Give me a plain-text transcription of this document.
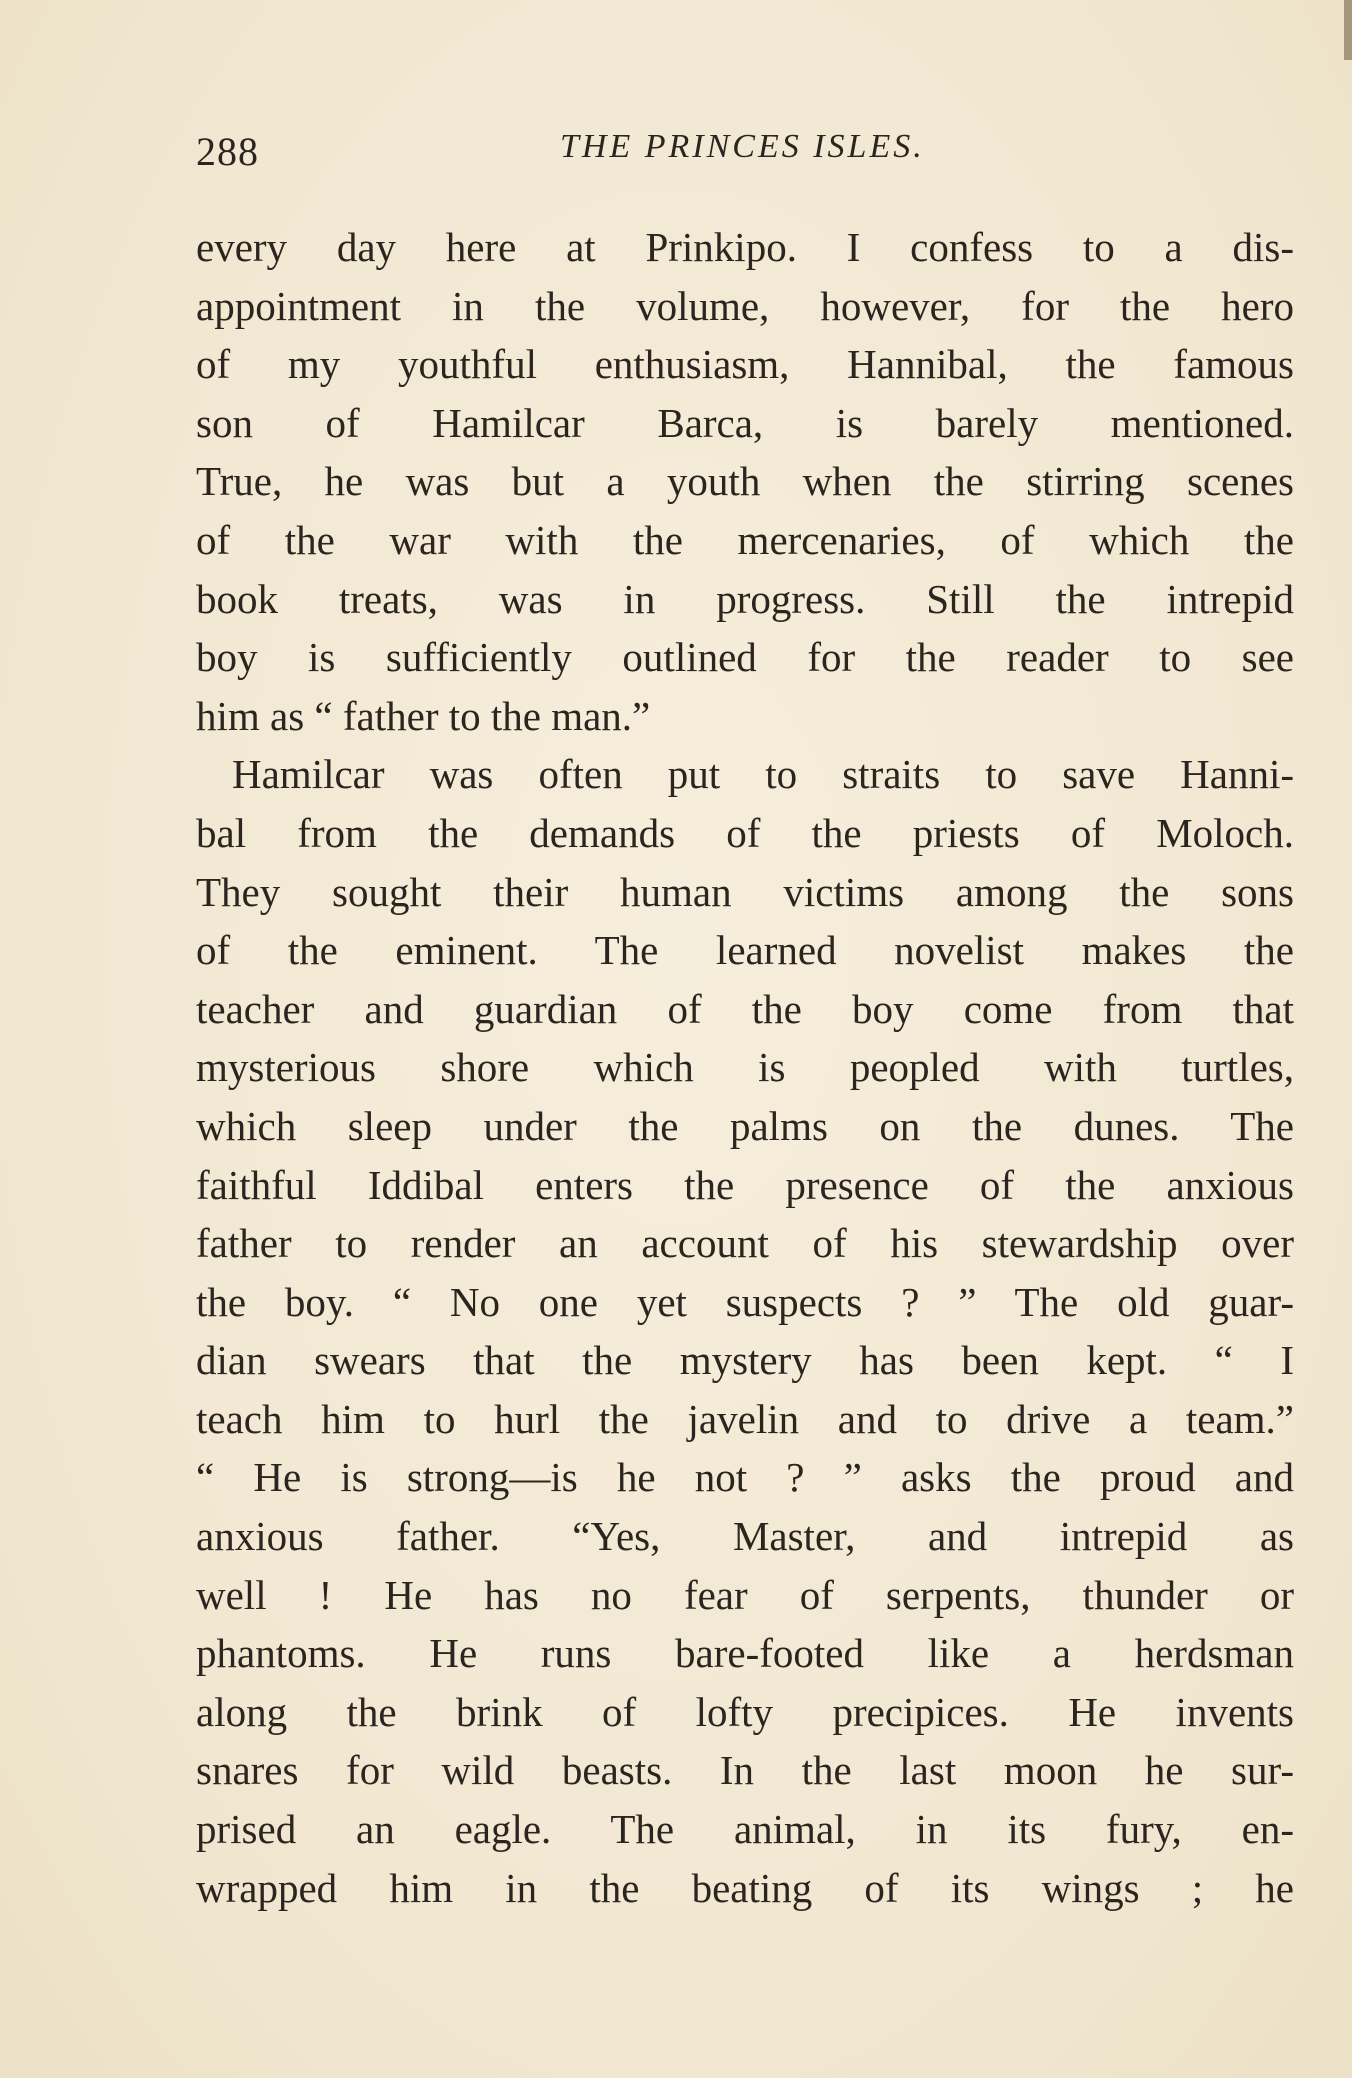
288	THE PRINCES ISLES.
every day here at Prinkipo. I confess to a dis-
appointment in the volume, however, for the hero
of my youthful enthusiasm, Hannibal, the famous
son of Hamilcar Barca, is barely mentioned.
True, he was but a youth when the stirring scenes
of the war with the mercenaries, of which the
book treats, was in progress. Still the intrepid
boy is sufficiently outlined for the reader to see
him as “ father to the man.”
Hamilcar was often put to straits to save Hanni-
bal from the demands of the priests of Moloch.
They sought their human victims among the sons
of the eminent. The learned novelist makes the
teacher and guardian of the boy come from that
mysterious shore which is peopled with turtles,
which sleep under the palms on the dunes. The
faithful Iddibal enters the presence of the anxious
father to render an account of his stewardship over
the boy. “ No one yet suspects ? ” The old guar-
dian swears that the mystery has been kept. “ I
teach him to hurl the javelin and to drive a team.”
“ He is strong—is he not ? ” asks the proud and
anxious father. “Yes, Master, and intrepid as
well ! He has no fear of serpents, thunder or
phantoms. He runs bare-footed like a herdsman
along the brink of lofty precipices. He invents
snares for wild beasts. In the last moon he sur-
prised an eagle. The animal, in its fury, en-
wrapped him in the beating of its wings ; he
